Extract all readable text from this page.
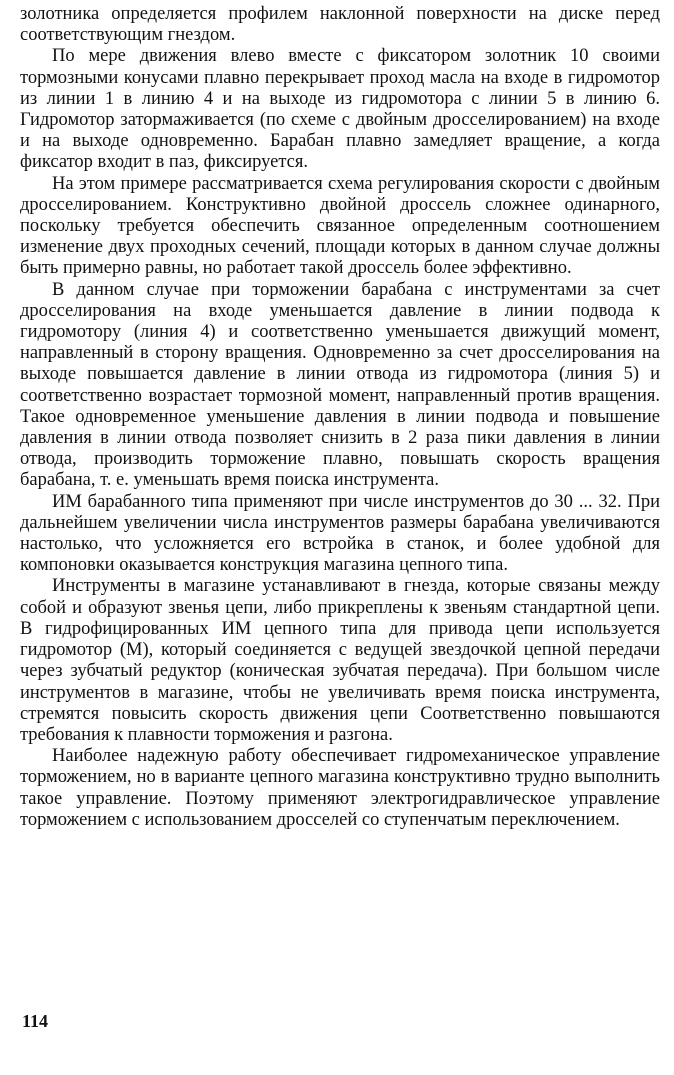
золотника определяется профилем наклонной поверхности на диске перед соответствующим гнездом.

По мере движения влево вместе с фиксатором золотник 10 своими тормозными конусами плавно перекрывает проход масла на входе в гидромотор из линии 1 в линию 4 и на выходе из гидромотора с линии 5 в линию 6. Гидромотор затормаживается (по схеме с двойным дросселированием) на входе и на выходе одновременно. Барабан плавно замедляет вращение, а когда фиксатор входит в паз, фиксируется.

На этом примере рассматривается схема регулирования скорости с двойным дросселированием. Конструктивно двойной дроссель сложнее одинарного, поскольку требуется обеспечить связанное определенным соотношением изменение двух проходных сечений, площади которых в данном случае должны быть примерно равны, но работает такой дроссель более эффективно.

В данном случае при торможении барабана с инструментами за счет дросселирования на входе уменьшается давление в линии подвода к гидромотору (линия 4) и соответственно уменьшается движущий момент, направленный в сторону вращения. Одновременно за счет дросселирования на выходе повышается давление в линии отвода из гидромотора (линия 5) и соответственно возрастает тормозной момент, направленный против вращения. Такое одновременное уменьшение давления в линии подвода и повышение давления в линии отвода позволяет снизить в 2 раза пики давления в линии отвода, производить торможение плавно, повышать скорость вращения барабана, т. е. уменьшать время поиска инструмента.

ИМ барабанного типа применяют при числе инструментов до 30 ... 32. При дальнейшем увеличении числа инструментов размеры барабана увеличиваются настолько, что усложняется его встройка в станок, и более удобной для компоновки оказывается конструкция магазина цепного типа.

Инструменты в магазине устанавливают в гнезда, которые связаны между собой и образуют звенья цепи, либо прикреплены к звеньям стандартной цепи. В гидрофицированных ИМ цепного типа для привода цепи используется гидромотор (М), который соединяется с ведущей звездочкой цепной передачи через зубчатый редуктор (коническая зубчатая передача). При большом числе инструментов в магазине, чтобы не увеличивать время поиска инструмента, стремятся повысить скорость движения цепи Соответственно повышаются требования к плавности торможения и разгона.

Наиболее надежную работу обеспечивает гидромеханическое управление торможением, но в варианте цепного магазина конструктивно трудно выполнить такое управление. Поэтому применяют электрогидравлическое управление торможением с использованием дросселей со ступенчатым переключением.

114
